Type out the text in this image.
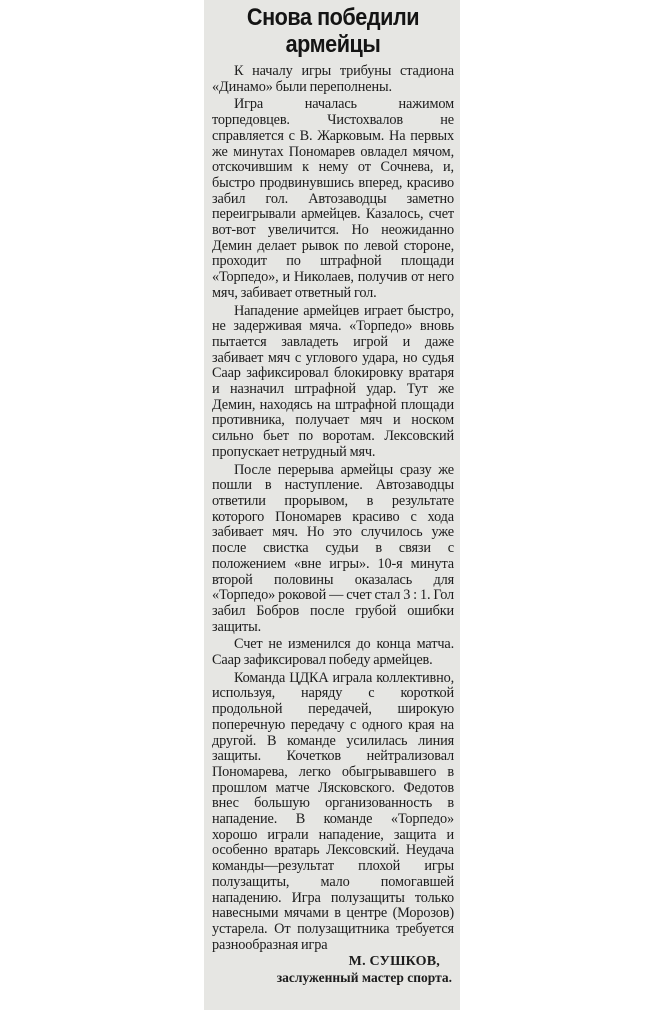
Снова победили
армейцы

К началу игры трибуны стадиона «Динамо» были переполнены.

Игра началась нажимом торпедовцев. Чистохвалов не справляется с В. Жарковым. На первых же минутах Пономарев овладел мячом, отскочившим к нему от Сочнева, и, быстро продвинувшись вперед, красиво забил гол. Автозаводцы заметно переигрывали армейцев. Казалось, счет вот-вот увеличится. Но неожиданно Демин делает рывок по левой стороне, проходит по штрафной площади «Торпедо», и Николаев, получив от него мяч, забивает ответный гол.

Нападение армейцев играет быстро, не задерживая мяча. «Торпедо» вновь пытается завладеть игрой и даже забивает мяч с углового удара, но судья Саар зафиксировал блокировку вратаря и назначил штрафной удар. Тут же Демин, находясь на штрафной площади противника, получает мяч и носком сильно бьет по воротам. Лексовский пропускает нетрудный мяч.

После перерыва армейцы сразу же пошли в наступление. Автозаводцы ответили прорывом, в результате которого Пономарев красиво с хода забивает мяч. Но это случилось уже после свистка судьи в связи с положением «вне игры». 10-я минута второй половины оказалась для «Торпедо» роковой — счет стал 3 : 1. Гол забил Бобров после грубой ошибки защиты.

Счет не изменился до конца матча. Саар зафиксировал победу армейцев.

Команда ЦДКА играла коллективно, используя, наряду с короткой продольной передачей, широкую поперечную передачу с одного края на другой. В команде усилилась линия защиты. Кочетков нейтрализовал Пономарева, легко обыгрывавшего в прошлом матче Лясковского. Федотов внес большую организованность в нападение. В команде «Торпедо» хорошо играли нападение, защита и особенно вратарь Лексовский. Неудача команды—результат плохой игры полузащиты, мало помогавшей нападению. Игра полузащиты только навесными мячами в центре (Морозов) устарела. От полузащитника требуется разнообразная игра

М. СУШКОВ,
заслуженный мастер спорта.
